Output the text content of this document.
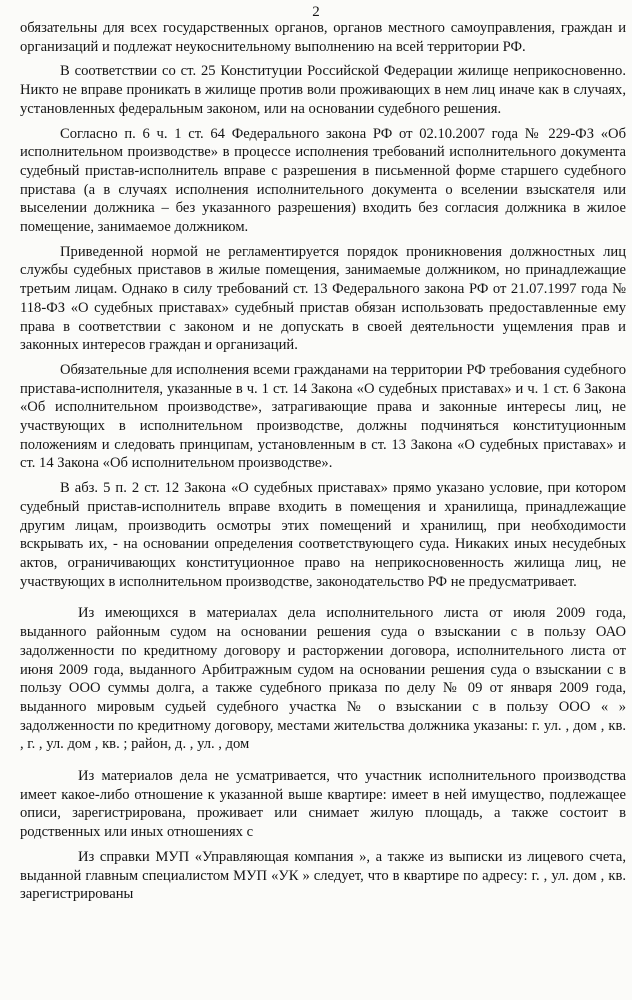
2

обязательны для всех государственных органов, органов местного самоуправления, граждан и организаций и подлежат неукоснительному выполнению на всей территории РФ.

В соответствии со ст. 25 Конституции Российской Федерации жилище неприкосновенно. Никто не вправе проникать в жилище против воли проживающих в нем лиц иначе как в случаях, установленных федеральным законом, или на основании судебного решения.

Согласно п. 6 ч. 1 ст. 64 Федерального закона РФ от 02.10.2007 года № 229-ФЗ «Об исполнительном производстве» в процессе исполнения требований исполнительного документа судебный пристав-исполнитель вправе с разрешения в письменной форме старшего судебного пристава (а в случаях исполнения исполнительного документа о вселении взыскателя или выселении должника – без указанного разрешения) входить без согласия должника в жилое помещение, занимаемое должником.

Приведенной нормой не регламентируется порядок проникновения должностных лиц службы судебных приставов в жилые помещения, занимаемые должником, но принадлежащие третьим лицам. Однако в силу требований ст. 13 Федерального закона РФ от 21.07.1997 года № 118-ФЗ «О судебных приставах» судебный пристав обязан использовать предоставленные ему права в соответствии с законом и не допускать в своей деятельности ущемления прав и законных интересов граждан и организаций.

Обязательные для исполнения всеми гражданами на территории РФ требования судебного пристава-исполнителя, указанные в ч. 1 ст. 14 Закона «О судебных приставах» и ч. 1 ст. 6 Закона «Об исполнительном производстве», затрагивающие права и законные интересы лиц, не участвующих в исполнительном производстве, должны подчиняться конституционным положениям и следовать принципам, установленным в ст. 13 Закона «О судебных приставах» и ст. 14 Закона «Об исполнительном производстве».

В абз. 5 п. 2 ст. 12 Закона «О судебных приставах» прямо указано условие, при котором судебный пристав-исполнитель вправе входить в помещения и хранилища, принадлежащие другим лицам, производить осмотры этих помещений и хранилищ, при необходимости вскрывать их, - на основании определения соответствующего суда. Никаких иных несудебных актов, ограничивающих конституционное право на неприкосновенность жилища лиц, не участвующих в исполнительном производстве, законодательство РФ не предусматривает.

Из имеющихся в материалах дела исполнительного листа от июля 2009 года, выданного районным судом на основании решения суда о взыскании с в пользу ОАО задолженности по кредитному договору и расторжении договора, исполнительного листа от июня 2009 года, выданного Арбитражным судом на основании решения суда о взыскании с в пользу ООО суммы долга, а также судебного приказа по делу № 09 от января 2009 года, выданного мировым судьей судебного участка № о взыскании с в пользу ООО « » задолженности по кредитному договору, местами жительства должника указаны: г. ул. , дом , кв. , г. , ул. дом , кв. ; район, д. , ул. , дом

Из материалов дела не усматривается, что участник исполнительного производства имеет какое-либо отношение к указанной выше квартире: имеет в ней имущество, подлежащее описи, зарегистрирована, проживает или снимает жилую площадь, а также состоит в родственных или иных отношениях с

Из справки МУП «Управляющая компания », а также из выписки из лицевого счета, выданной главным специалистом МУП «УК » следует, что в квартире по адресу: г. , ул. дом , кв. зарегистрированы
